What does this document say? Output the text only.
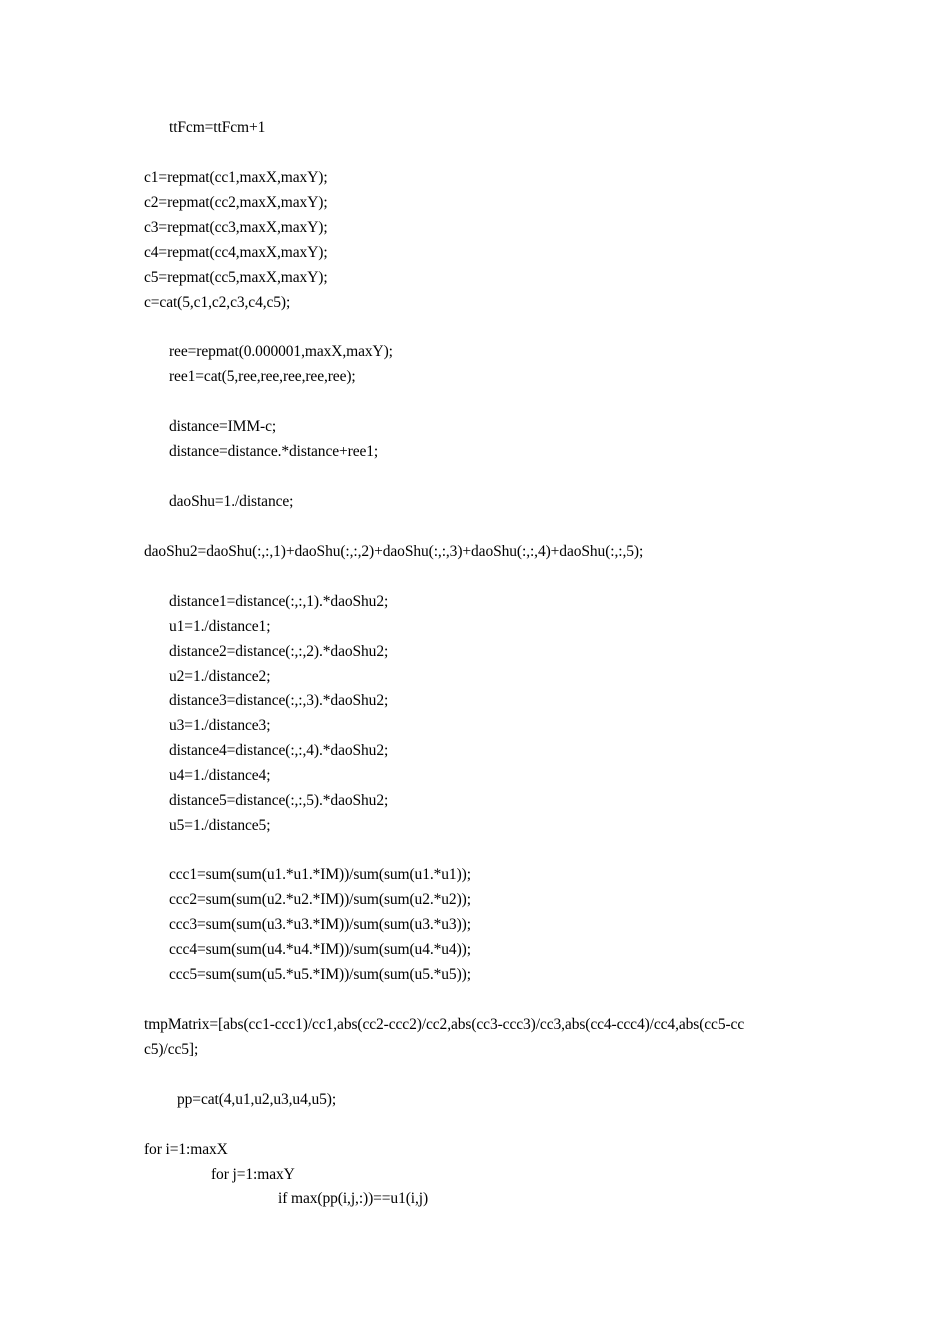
ttFcm=ttFcm+1
c1=repmat(cc1,maxX,maxY);
c2=repmat(cc2,maxX,maxY);
c3=repmat(cc3,maxX,maxY);
c4=repmat(cc4,maxX,maxY);
c5=repmat(cc5,maxX,maxY);
c=cat(5,c1,c2,c3,c4,c5);
ree=repmat(0.000001,maxX,maxY);
ree1=cat(5,ree,ree,ree,ree,ree);
distance=IMM-c;
distance=distance.*distance+ree1;
daoShu=1./distance;
daoShu2=daoShu(:,:,1)+daoShu(:,:,2)+daoShu(:,:,3)+daoShu(:,:,4)+daoShu(:,:,5);
distance1=distance(:,:,1).*daoShu2;
u1=1./distance1;
distance2=distance(:,:,2).*daoShu2;
u2=1./distance2;
distance3=distance(:,:,3).*daoShu2;
u3=1./distance3;
distance4=distance(:,:,4).*daoShu2;
u4=1./distance4;
distance5=distance(:,:,5).*daoShu2;
u5=1./distance5;
ccc1=sum(sum(u1.*u1.*IM))/sum(sum(u1.*u1));
ccc2=sum(sum(u2.*u2.*IM))/sum(sum(u2.*u2));
ccc3=sum(sum(u3.*u3.*IM))/sum(sum(u3.*u3));
ccc4=sum(sum(u4.*u4.*IM))/sum(sum(u4.*u4));
ccc5=sum(sum(u5.*u5.*IM))/sum(sum(u5.*u5));
tmpMatrix=[abs(cc1-ccc1)/cc1,abs(cc2-ccc2)/cc2,abs(cc3-ccc3)/cc3,abs(cc4-ccc4)/cc4,abs(cc5-cc
c5)/cc5];
pp=cat(4,u1,u2,u3,u4,u5);
for i=1:maxX
for j=1:maxY
if max(pp(i,j,:))==u1(i,j)
